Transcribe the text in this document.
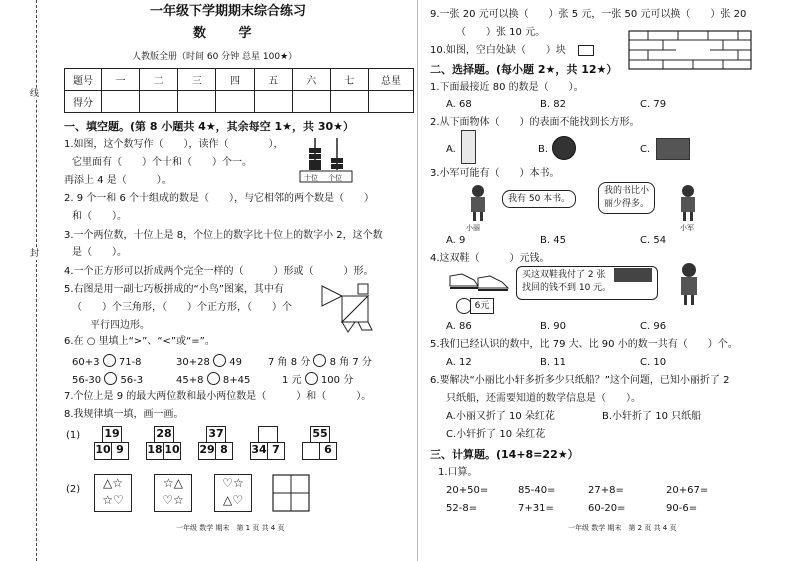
线
封
一年级下学期期末综合练习
数 学
人教版全册（时间 60 分钟 总星 100★）
题号	一	二	三	四	五	六	七	总星
得分								
一、填空题。(第 8 小题共 4★，其余每空 1★，共 30★）
1.如图，这个数写作（　　），读作（　　　　），
它里面有（　　）个十和（　　）个一。
再添上 4 是（　　　）。	十位 个位
2. 9 个一和 6 个十组成的数是（　　），与它相邻的两个数是（　　）
和（　　）。
3.一个两位数，十位上是 8，个位上的数字比十位上的数字小 2，这个数
是（　　）。
4.一个正方形可以折成两个完全一样的（　　　）形或（　　　）形。
5.右图是用一副七巧板拼成的“小鸟”图案，其中有
（　　）个三角形，（　　）个正方形，（　　）个
平行四边形。
6.在 ○ 里填上“>”、“<”或“=”。
60+3 71-8	30+28 49	7 角 8 分 8 角 7 分
56-30 56-3	45+8 8+45	1 元 100 分
7.个位上是 9 的最大两位数和最小两位数是（　　　）和（　　　）。
8.我规律填一填，画一画。
(1) 19
10 9
28
18 10
37
29 8	34 7
55
6
(2)	△☆
☆♡
☆△
♡☆
♡☆
△♡
一年级 数学 期末　第 1 页 共 4 页
9.一张 20 元可以换（　　）张 5 元，一张 50 元可以换（　　）张 20
（　　）张 10 元。
10.如图，空白处缺（　　）块
二、选择题。(每小题 2★，共 12★）
1.下面最接近 80 的数是（　　）。
A. 68	B. 82	C. 79
2.从下面物体（　　）的表面不能找到长方形。
A.	B.	C.
3.小军可能有（　　）本书。
小丽
我有 50 本书。
我的书比小
丽少得多。
小军
A. 9	B. 45	C. 54
4.这双鞋（　　　）元钱。
6元
买这双鞋我付了 2 张
找回的钱不到 10 元。
A. 86	B. 90	C. 96
5.我们已经认识的数中，比 79 大、比 90 小的数一共有（　　）个。
A. 12	B. 11	C. 10
6.要解决“小丽比小轩多折多少只纸船？”这个问题，已知小丽折了 2
只纸船，还需要知道的数学信息是（　　）。
A.小丽又折了 10 朵红花	B.小轩折了 10 只纸船
C.小轩折了 10 朵红花
三、计算题。(14+8=22★）
1.口算。
20+50=	85-40=	27+8=	20+67=
52-8=	7+31=	60-20=	90-6=
一年级 数学 期末　第 2 页 共 4 页
